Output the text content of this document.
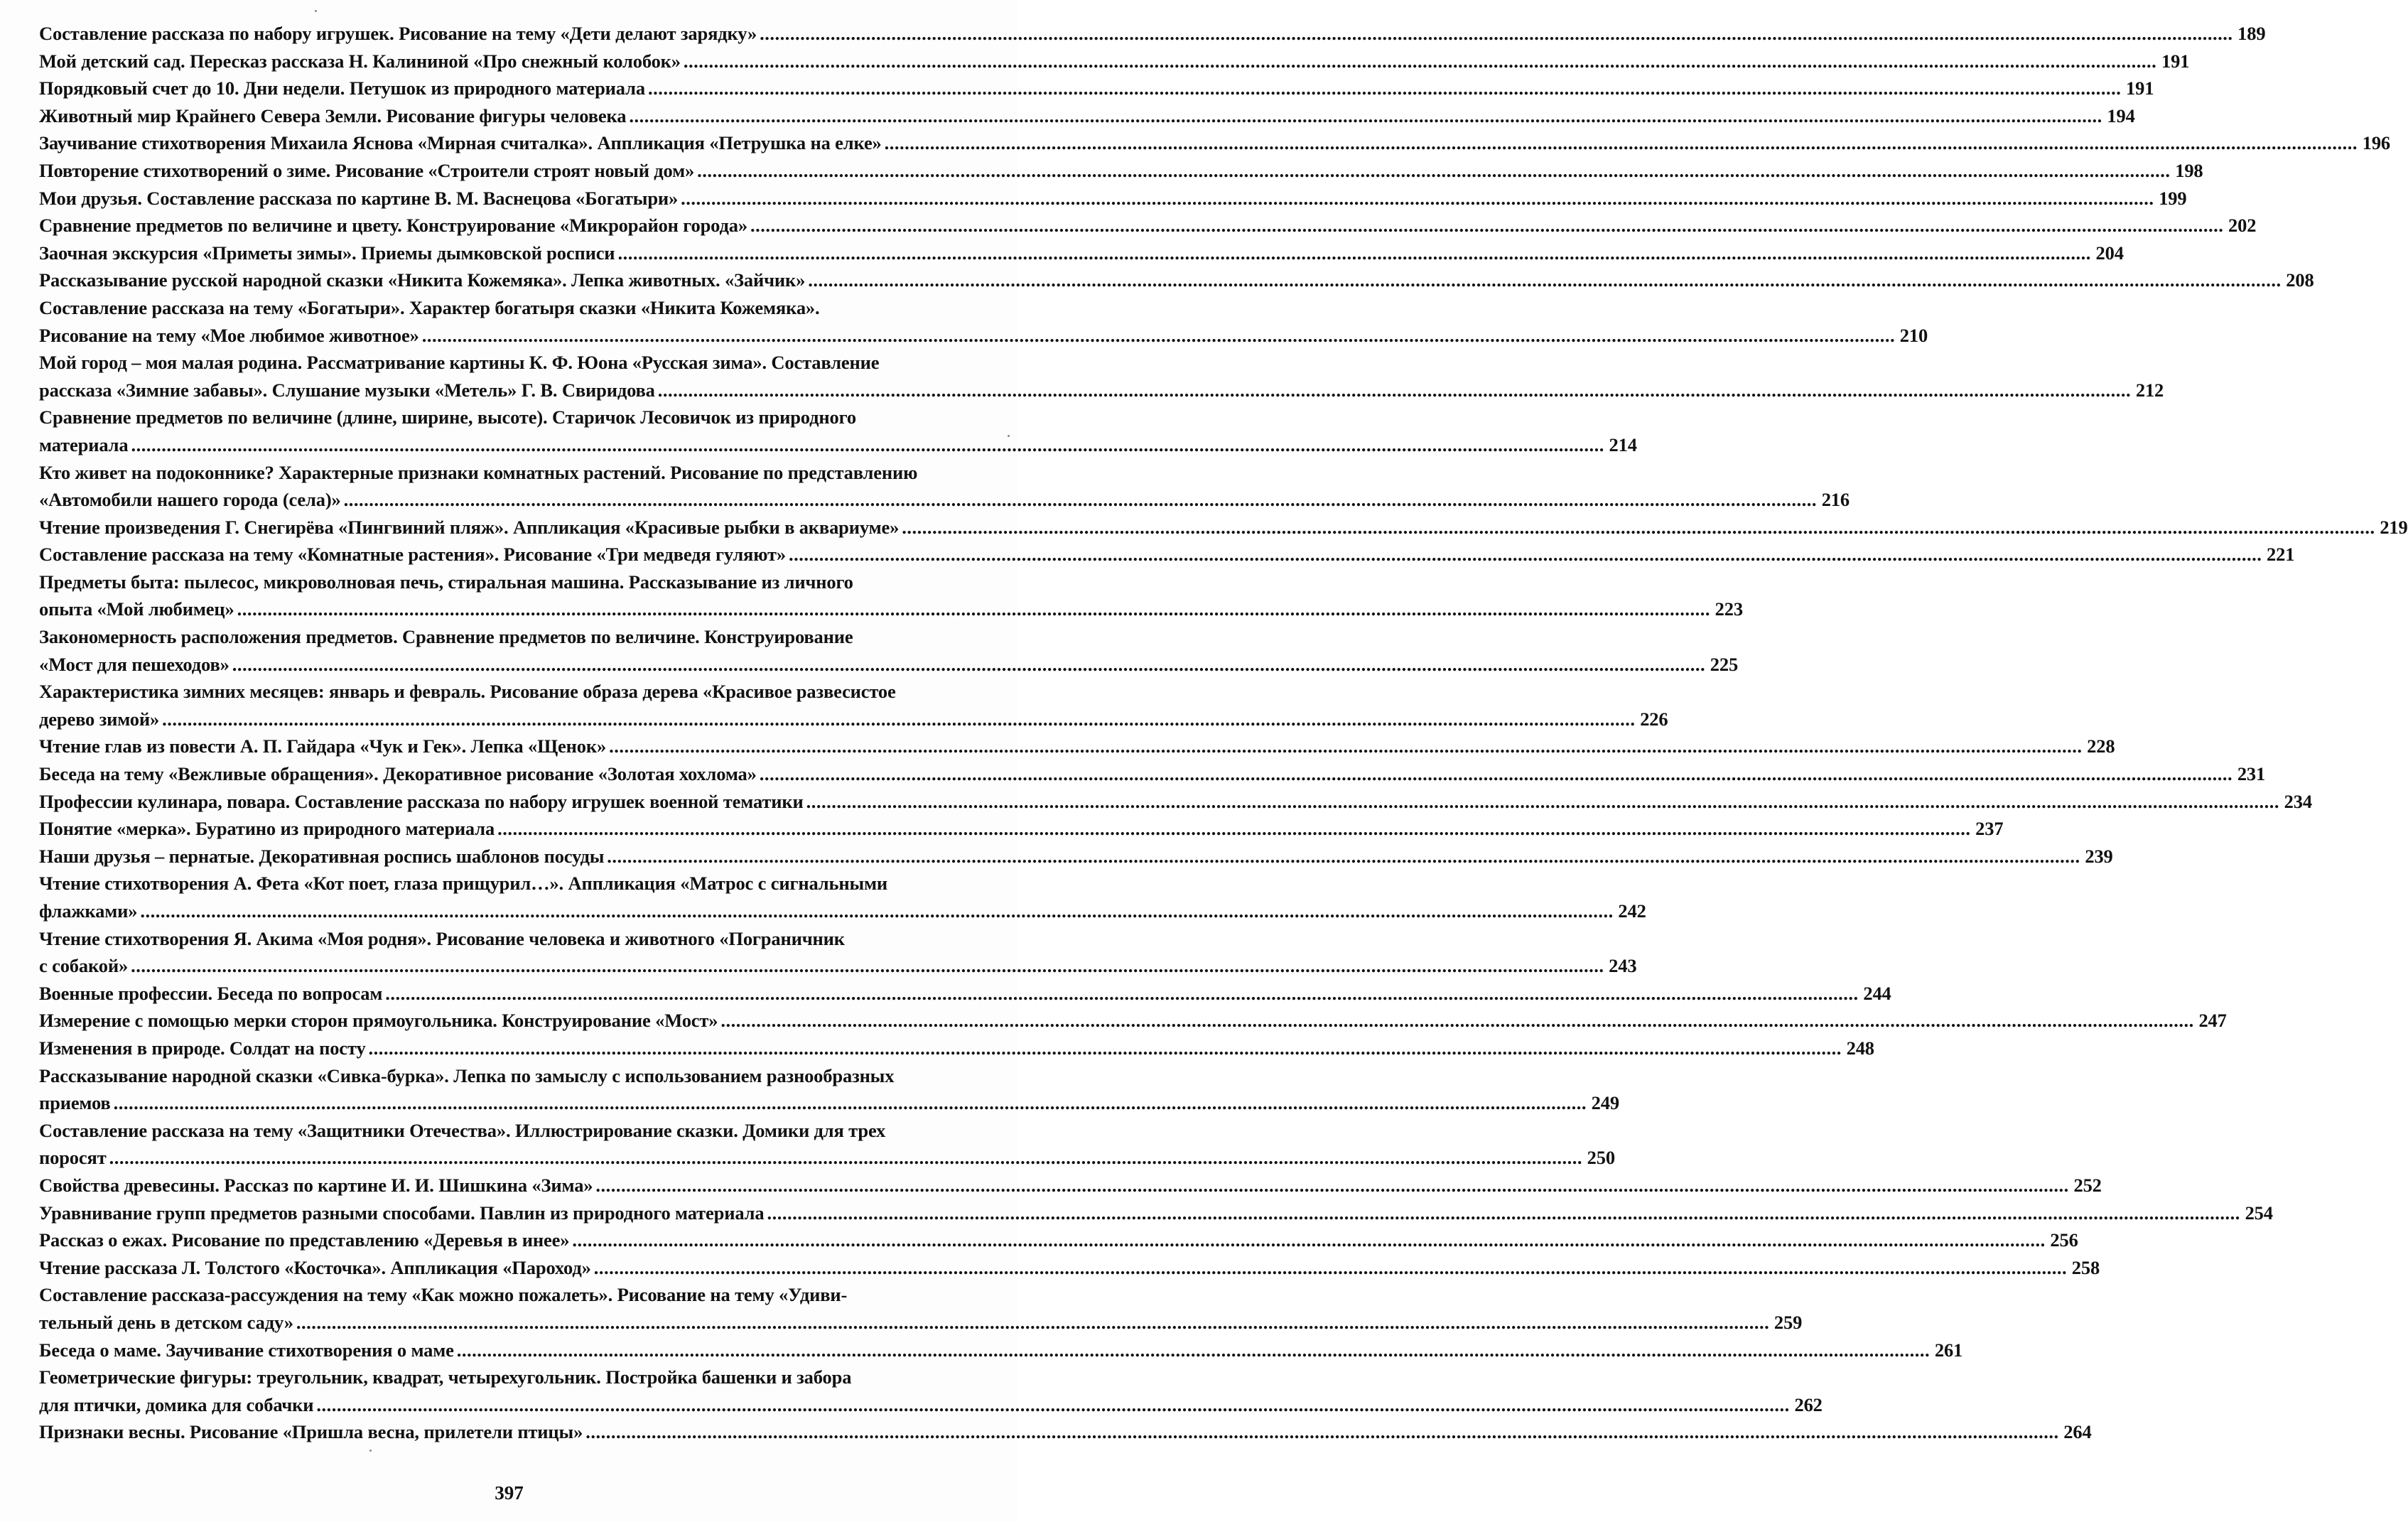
Составление рассказа по набору игрушек. Рисование на тему «Дети делают зарядку» .....	189
Мой детский сад. Пересказ рассказа Н. Калининой «Про снежный колобок» .....	191
Порядковый счет до 10. Дни недели. Петушок из природного материала .....	191
Животный мир Крайнего Севера Земли. Рисование фигуры человека .....	194
Заучивание стихотворения Михаила Яснова «Мирная считалка». Аппликация «Петрушка на елке» .....	196
Повторение стихотворений о зиме. Рисование «Строители строят новый дом» .....	198
Мои друзья. Составление рассказа по картине В. М. Васнецова «Богатыри» .....	199
Сравнение предметов по величине и цвету. Конструирование «Микрорайон города» .....	202
Заочная экскурсия «Приметы зимы». Приемы дымковской росписи .....	204
Рассказывание русской народной сказки «Никита Кожемяка». Лепка животных. «Зайчик» .....	208
Составление рассказа на тему «Богатыри». Характер богатыря сказки «Никита Кожемяка».
Рисование на тему «Мое любимое животное» .....	210
Мой город – моя малая родина. Рассматривание картины К. Ф. Юона «Русская зима». Составление
рассказа «Зимние забавы». Слушание музыки «Метель» Г. В. Свиридова .....	212
Сравнение предметов по величине (длине, ширине, высоте). Старичок Лесовичок из природного
материала .....	214
Кто живет на подоконнике? Характерные признаки комнатных растений. Рисование по представлению
«Автомобили нашего города (села)» .....	216
Чтение произведения Г. Снегирёва «Пингвиний пляж». Аппликация «Красивые рыбки в аквариуме» .....	219
Составление рассказа на тему «Комнатные растения». Рисование «Три медведя гуляют» .....	221
Предметы быта: пылесос, микроволновая печь, стиральная машина. Рассказывание из личного
опыта «Мой любимец» .....	223
Закономерность расположения предметов. Сравнение предметов по величине. Конструирование
«Мост для пешеходов» .....	225
Характеристика зимних месяцев: январь и февраль. Рисование образа дерева «Красивое развесистое
дерево зимой» .....	226
Чтение глав из повести А. П. Гайдара «Чук и Гек». Лепка «Щенок» .....	228
Беседа на тему «Вежливые обращения». Декоративное рисование «Золотая хохлома» .....	231
Профессии кулинара, повара. Составление рассказа по набору игрушек военной тематики .....	234
Понятие «мерка». Буратино из природного материала .....	237
Наши друзья – пернатые. Декоративная роспись шаблонов посуды .....	239
Чтение стихотворения А. Фета «Кот поет, глаза прищурил…». Аппликация «Матрос с сигнальными
флажками» .....	242
Чтение стихотворения Я. Акима «Моя родня». Рисование человека и животного «Пограничник
с собакой» .....	243
Военные профессии. Беседа по вопросам .....	244
Измерение с помощью мерки сторон прямоугольника. Конструирование «Мост» .....	247
Изменения в природе. Солдат на посту .....	248
Рассказывание народной сказки «Сивка-бурка». Лепка по замыслу с использованием разнообразных
приемов .....	249
Составление рассказа на тему «Защитники Отечества». Иллюстрирование сказки. Домики для трех
поросят .....	250
Свойства древесины. Рассказ по картине И. И. Шишкина «Зима» .....	252
Уравнивание групп предметов разными способами. Павлин из природного материала .....	254
Рассказ о ежах. Рисование по представлению «Деревья в инее» .....	256
Чтение рассказа Л. Толстого «Косточка». Аппликация «Пароход» .....	258
Составление рассказа-рассуждения на тему «Как можно пожалеть». Рисование на тему «Удиви-
тельный день в детском саду» .....	259
Беседа о маме. Заучивание стихотворения о маме .....	261
Геометрические фигуры: треугольник, квадрат, четырехугольник. Постройка башенки и забора
для птички, домика для собачки .....	262
Признаки весны. Рисование «Пришла весна, прилетели птицы» .....	264
397
